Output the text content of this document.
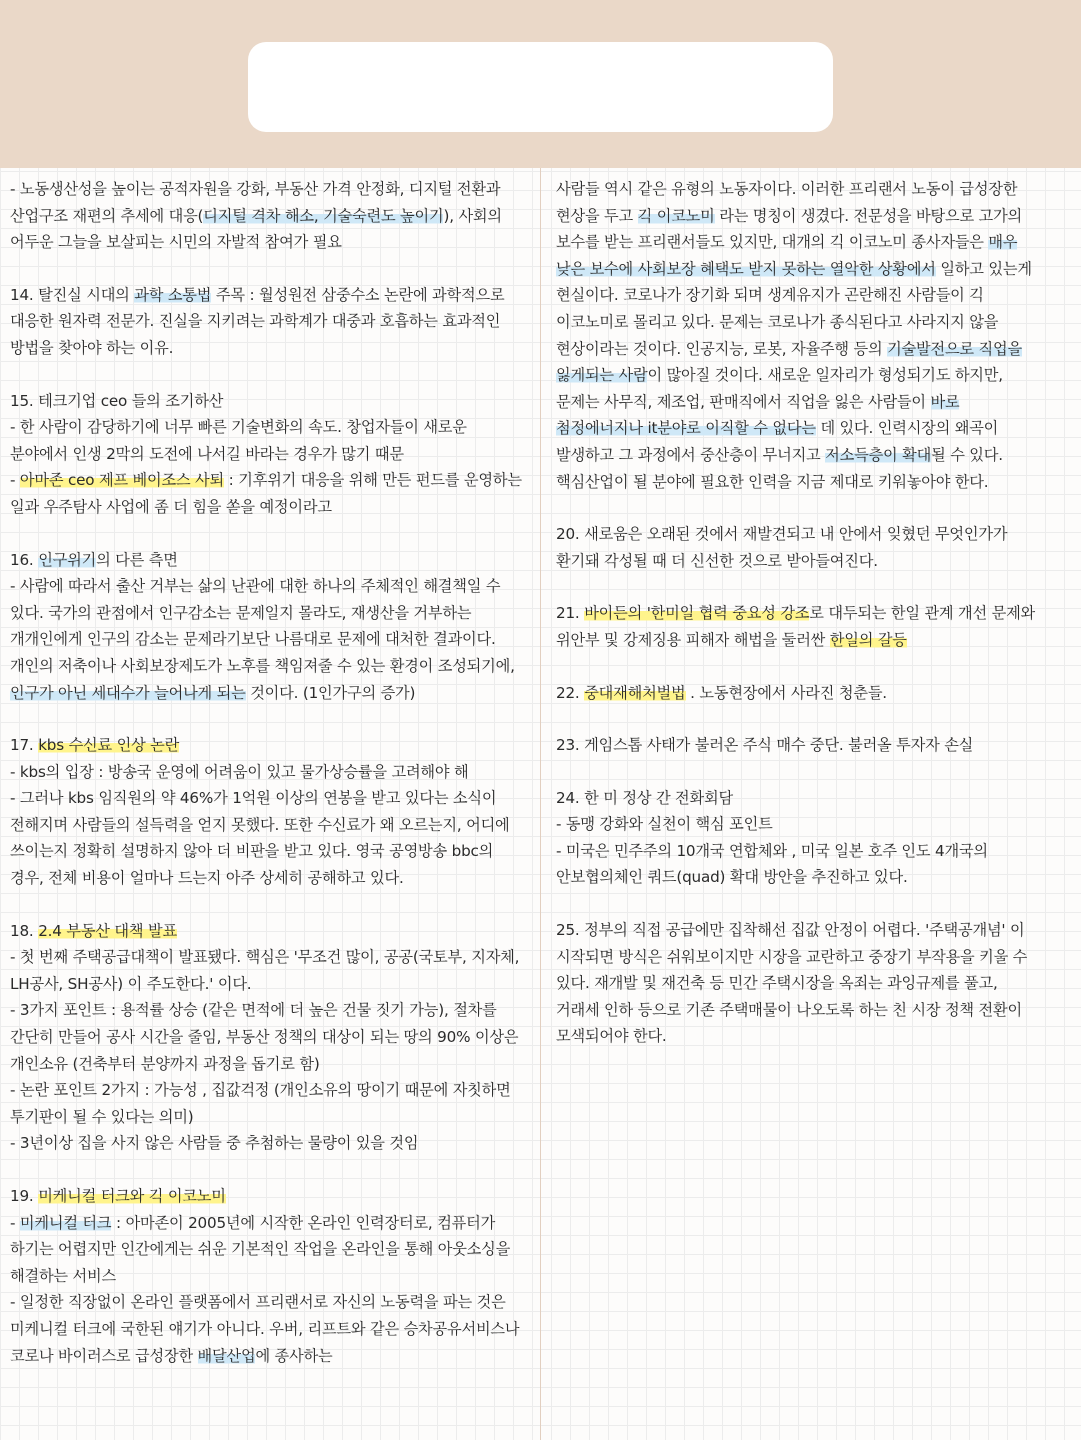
- 노동생산성을 높이는 공적자원을 강화, 부동산 가격 안정화, 디지털 전환과 산업구조 재편의 추세에 대응(디지털 격차 해소, 기술숙련도 높이기), 사회의 어두운 그늘을 보살피는 시민의 자발적 참여가 필요

14. 탈진실 시대의 과학 소통법 주목 : 월성원전 삼중수소 논란에 과학적으로 대응한 원자력 전문가. 진실을 지키려는 과학계가 대중과 호흡하는 효과적인 방법을 찾아야 하는 이유.

15. 테크기업 ceo 들의 조기하산

- 한 사람이 감당하기에 너무 빠른 기술변화의 속도. 창업자들이 새로운 분야에서 인생 2막의 도전에 나서길 바라는 경우가 많기 때문

- 아마존 ceo 제프 베이조스 사퇴 : 기후위기 대응을 위해 만든 펀드를 운영하는 일과 우주탐사 사업에 좀 더 힘을 쏟을 예정이라고

16. 인구위기의 다른 측면

- 사람에 따라서 출산 거부는 삶의 난관에 대한 하나의 주체적인 해결책일 수 있다. 국가의 관점에서 인구감소는 문제일지 몰라도, 재생산을 거부하는 개개인에게 인구의 감소는 문제라기보단 나름대로 문제에 대처한 결과이다. 개인의 저축이나 사회보장제도가 노후를 책임져줄 수 있는 환경이 조성되기에, 인구가 아닌 세대수가 늘어나게 되는 것이다. (1인가구의 증가)

17. kbs 수신료 인상 논란

- kbs의 입장 : 방송국 운영에 어려움이 있고 물가상승률을 고려해야 해

- 그러나 kbs 임직원의 약 46%가 1억원 이상의 연봉을 받고 있다는 소식이 전해지며 사람들의 설득력을 얻지 못했다. 또한 수신료가 왜 오르는지, 어디에 쓰이는지 정확히 설명하지 않아 더 비판을 받고 있다. 영국 공영방송 bbc의 경우, 전체 비용이 얼마나 드는지 아주 상세히 공해하고 있다.

18. 2.4 부동산 대책 발표

- 첫 번째 주택공급대책이 발표됐다. 핵심은 '무조건 많이, 공공(국토부, 지자체, LH공사, SH공사) 이 주도한다.' 이다.

- 3가지 포인트 : 용적률 상승 (같은 면적에 더 높은 건물 짓기 가능), 절차를 간단히 만들어 공사 시간을 줄임, 부동산 정책의 대상이 되는 땅의 90% 이상은 개인소유 (건축부터 분양까지 과정을 돕기로 함)

- 논란 포인트 2가지 : 가능성 , 집값걱정 (개인소유의 땅이기 때문에 자칫하면 투기판이 될 수 있다는 의미)

- 3년이상 집을 사지 않은 사람들 중 추첨하는 물량이 있을 것임

19. 미케니컬 터크와 긱 이코노미

- 미케니컬 터크 : 아마존이 2005년에 시작한 온라인 인력장터로, 컴퓨터가 하기는 어렵지만 인간에게는 쉬운 기본적인 작업을 온라인을 통해 아웃소싱을 해결하는 서비스

- 일정한 직장없이 온라인 플랫폼에서 프리랜서로 자신의 노동력을 파는 것은 미케니컬 터크에 국한된 얘기가 아니다. 우버, 리프트와 같은 승차공유서비스나 코로나 바이러스로 급성장한 배달산업에 종사하는

사람들 역시 같은 유형의 노동자이다. 이러한 프리랜서 노동이 급성장한 현상을 두고 긱 이코노미 라는 명칭이 생겼다. 전문성을 바탕으로 고가의 보수를 받는 프리랜서들도 있지만, 대개의 긱 이코노미 종사자들은 매우 낮은 보수에 사회보장 혜택도 받지 못하는 열악한 상황에서 일하고 있는게 현실이다. 코로나가 장기화 되며 생계유지가 곤란해진 사람들이 긱 이코노미로 몰리고 있다. 문제는 코로나가 종식된다고 사라지지 않을 현상이라는 것이다. 인공지능, 로봇, 자율주행 등의 기술발전으로 직업을 잃게되는 사람이 많아질 것이다. 새로운 일자리가 형성되기도 하지만, 문제는 사무직, 제조업, 판매직에서 직업을 잃은 사람들이 바로 첨정에너지나 it분야로 이직할 수 없다는 데 있다. 인력시장의 왜곡이 발생하고 그 과정에서 중산층이 무너지고 저소득층이 확대될 수 있다. 핵심산업이 될 분야에 필요한 인력을 지금 제대로 키워놓아야 한다.

20. 새로움은 오래된 것에서 재발견되고 내 안에서 잊혔던 무엇인가가 환기돼 각성될 때 더 신선한 것으로 받아들여진다.

21. 바이든의 '한미일 협력 중요성 강조로 대두되는 한일 관계 개선 문제와 위안부 및 강제징용 피해자 해법을 둘러싼 한일의 갈등

22. 중대재해처벌법 . 노동현장에서 사라진 청춘들.

23. 게임스톱 사태가 불러온 주식 매수 중단. 불러올 투자자 손실

24. 한 미 정상 간 전화회담

- 동맹 강화와 실천이 핵심 포인트

- 미국은 민주주의 10개국 연합체와 , 미국 일본 호주 인도 4개국의 안보협의체인 쿼드(quad) 확대 방안을 추진하고 있다.

25. 정부의 직접 공급에만 집착해선 집값 안정이 어렵다. '주택공개념' 이 시작되면 방식은 쉬워보이지만 시장을 교란하고 중장기 부작용을 키울 수 있다. 재개발 및 재건축 등 민간 주택시장을 옥죄는 과잉규제를 풀고, 거래세 인하 등으로 기존 주택매물이 나오도록 하는 친 시장 정책 전환이 모색되어야 한다.
